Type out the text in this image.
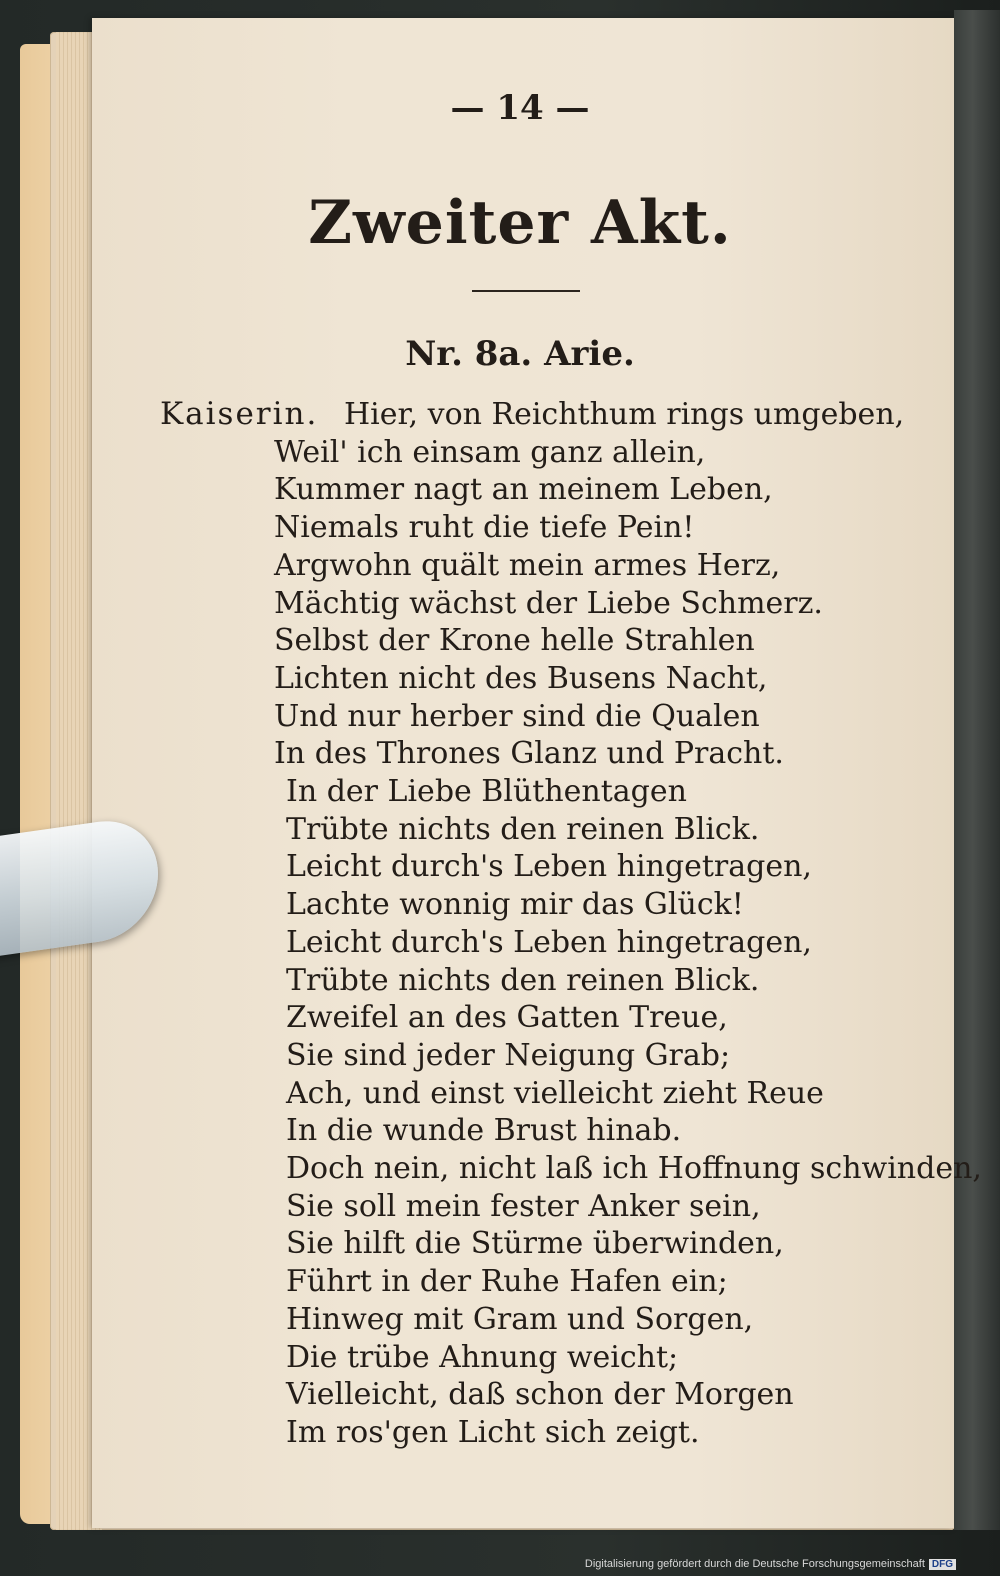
— 14 —
Zweiter Akt.
Nr. 8a. Arie.
Kaiserin. Hier, von Reichthum rings umgeben,
Weil' ich einsam ganz allein,
Kummer nagt an meinem Leben,
Niemals ruht die tiefe Pein!
Argwohn quält mein armes Herz,
Mächtig wächst der Liebe Schmerz.
Selbst der Krone helle Strahlen
Lichten nicht des Busens Nacht,
Und nur herber sind die Qualen
In des Thrones Glanz und Pracht.
In der Liebe Blüthentagen
Trübte nichts den reinen Blick.
Leicht durch's Leben hingetragen,
Lachte wonnig mir das Glück!
Leicht durch's Leben hingetragen,
Trübte nichts den reinen Blick.
Zweifel an des Gatten Treue,
Sie sind jeder Neigung Grab;
Ach, und einst vielleicht zieht Reue
In die wunde Brust hinab.
Doch nein, nicht laß ich Hoffnung schwinden,
Sie soll mein fester Anker sein,
Sie hilft die Stürme überwinden,
Führt in der Ruhe Hafen ein;
Hinweg mit Gram und Sorgen,
Die trübe Ahnung weicht;
Vielleicht, daß schon der Morgen
Im ros'gen Licht sich zeigt.
Digitalisierung gefördert durch die Deutsche Forschungsgemeinschaft DFG
